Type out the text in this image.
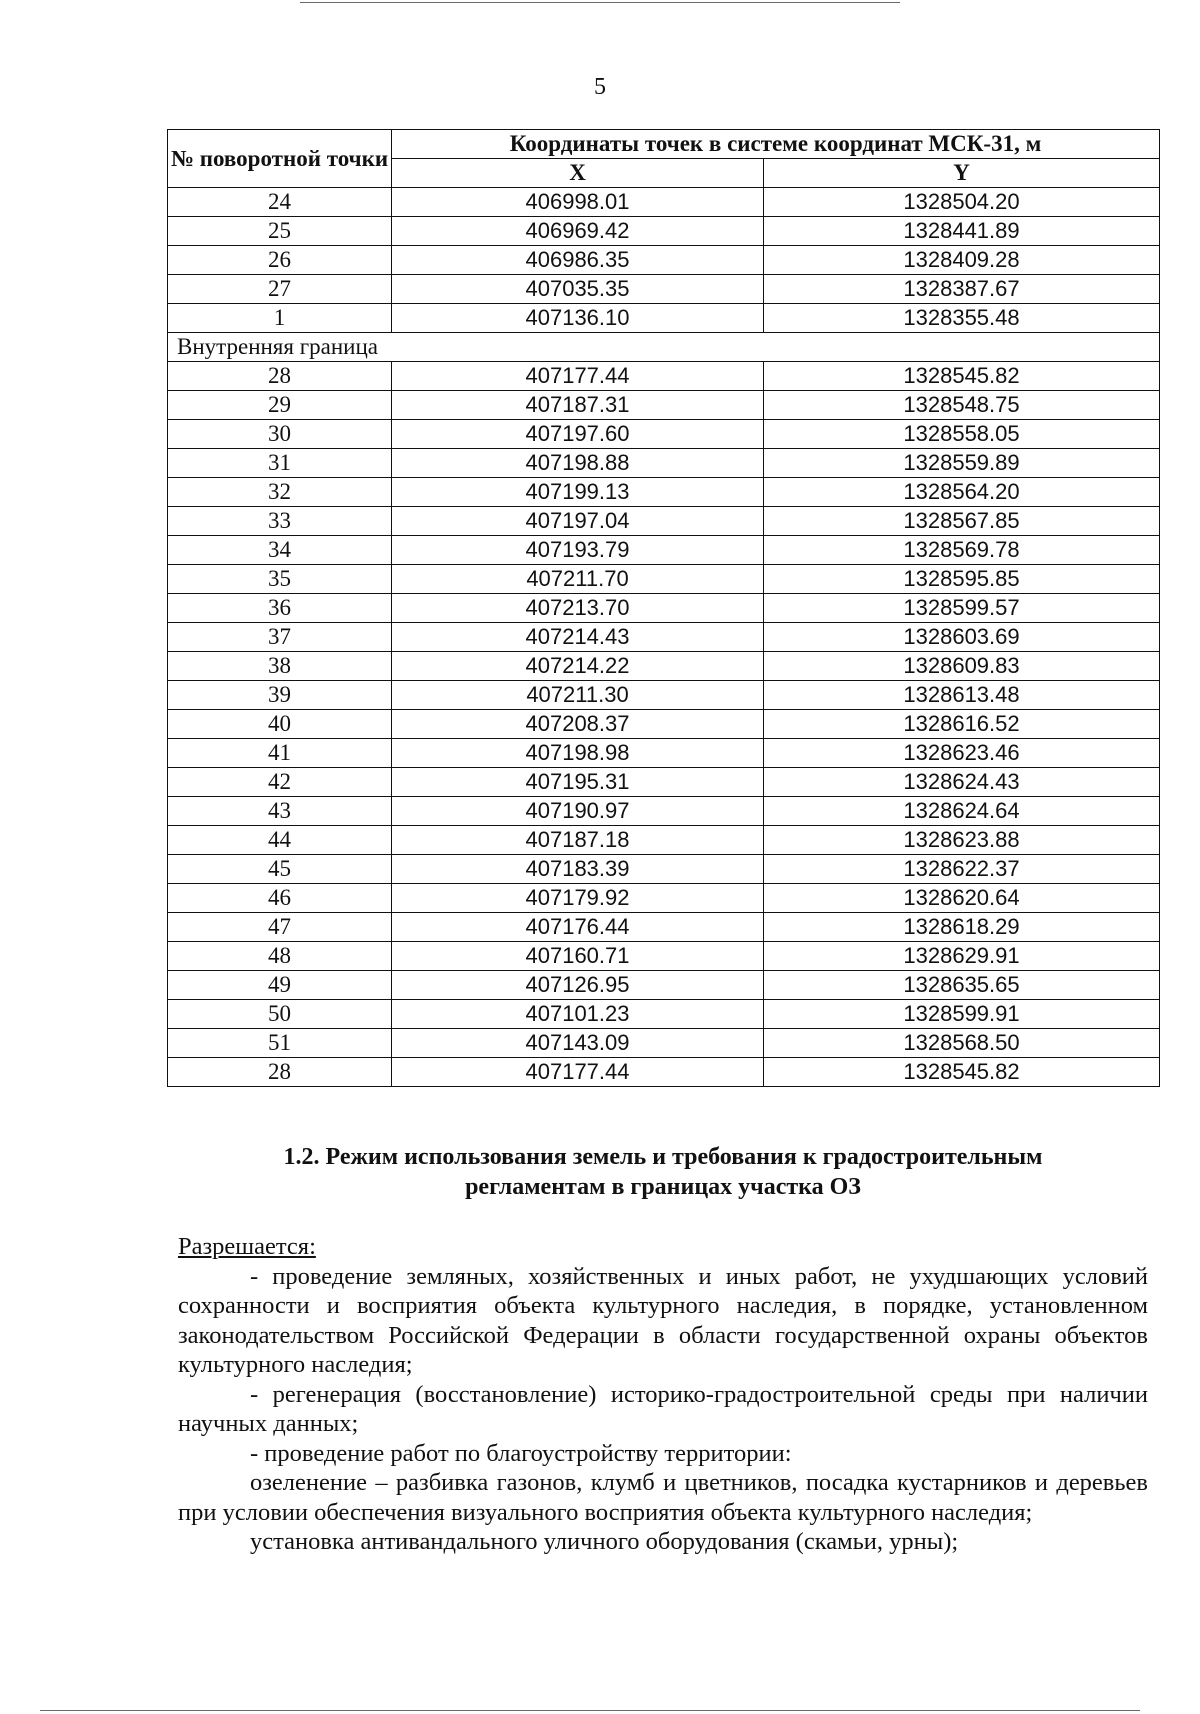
5
№ поворотной точки	Координаты точек в системе координат МСК-31, м	
	X	Y
24	406998.01	1328504.20
25	406969.42	1328441.89
26	406986.35	1328409.28
27	407035.35	1328387.67
1	407136.10	1328355.48
Внутренняя граница		
28	407177.44	1328545.82
29	407187.31	1328548.75
30	407197.60	1328558.05
31	407198.88	1328559.89
32	407199.13	1328564.20
33	407197.04	1328567.85
34	407193.79	1328569.78
35	407211.70	1328595.85
36	407213.70	1328599.57
37	407214.43	1328603.69
38	407214.22	1328609.83
39	407211.30	1328613.48
40	407208.37	1328616.52
41	407198.98	1328623.46
42	407195.31	1328624.43
43	407190.97	1328624.64
44	407187.18	1328623.88
45	407183.39	1328622.37
46	407179.92	1328620.64
47	407176.44	1328618.29
48	407160.71	1328629.91
49	407126.95	1328635.65
50	407101.23	1328599.91
51	407143.09	1328568.50
28	407177.44	1328545.82
1.2. Режим использования земель и требования к градостроительным
регламентам в границах участка ОЗ

Разрешается:

- проведение земляных, хозяйственных и иных работ, не ухудшающих условий сохранности и восприятия объекта культурного наследия, в порядке, установленном законодательством Российской Федерации в области государственной охраны объектов культурного наследия;

- регенерация (восстановление) историко-градостроительной среды при наличии научных данных;

- проведение работ по благоустройству территории:

озеленение – разбивка газонов, клумб и цветников, посадка кустарников и деревьев при условии обеспечения визуального восприятия объекта культурного наследия;

установка антивандального уличного оборудования (скамьи, урны);
